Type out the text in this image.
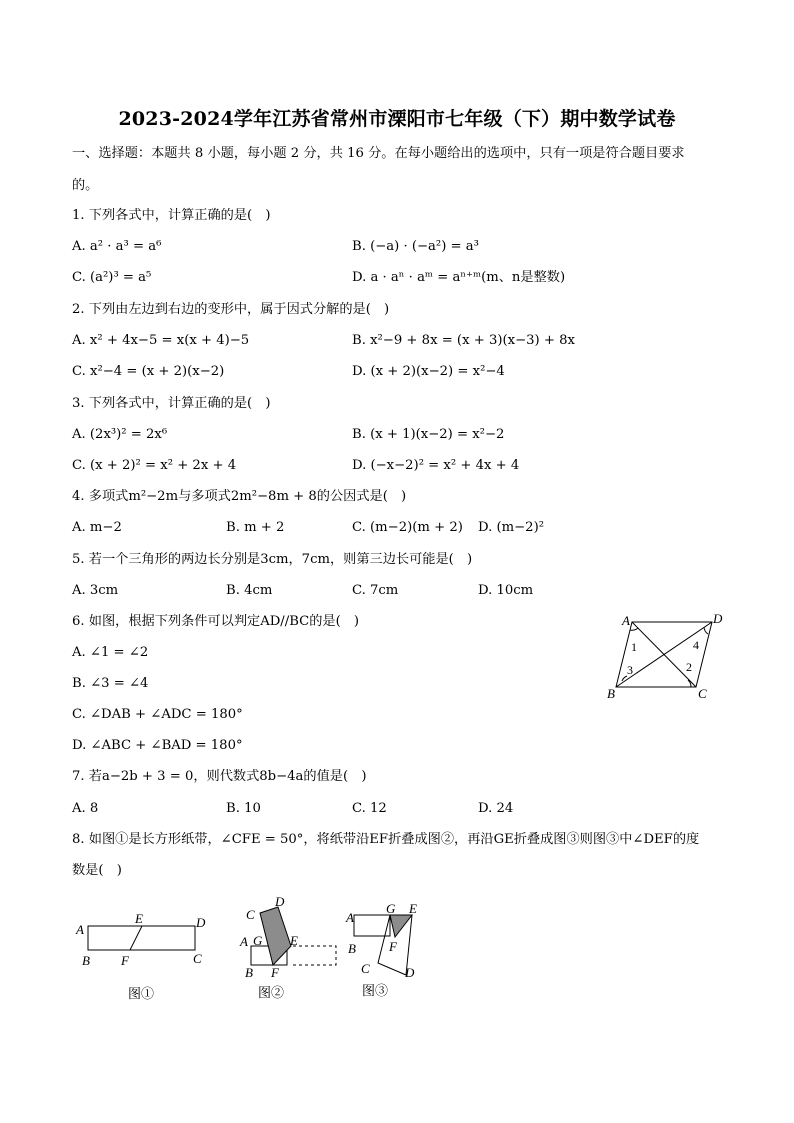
2023-2024学年江苏省常州市溧阳市七年级（下）期中数学试卷
一、选择题：本题共 8 小题，每小题 2 分，共 16 分。在每小题给出的选项中，只有一项是符合题目要求
的。
1. 下列各式中，计算正确的是(　)
A. a² · a³ = a⁶	B. (−a) · (−a²) = a³
C. (a²)³ = a⁵	D. a · aⁿ · aᵐ = aⁿ⁺ᵐ(m、n是整数)
2. 下列由左边到右边的变形中，属于因式分解的是(　)
A. x² + 4x−5 = x(x + 4)−5	B. x²−9 + 8x = (x + 3)(x−3) + 8x
C. x²−4 = (x + 2)(x−2)	D. (x + 2)(x−2) = x²−4
3. 下列各式中，计算正确的是(　)
A. (2x³)² = 2x⁶	B. (x + 1)(x−2) = x²−2
C. (x + 2)² = x² + 2x + 4	D. (−x−2)² = x² + 4x + 4
4. 多项式m²−2m与多项式2m²−8m + 8的公因式是(　)
A. m−2	B. m + 2	C. (m−2)(m + 2) D. (m−2)²
5. 若一个三角形的两边长分别是3cm，7cm，则第三边长可能是(　)
A. 3cm	B. 4cm	C. 7cm	D. 10cm
6. 如图，根据下列条件可以判定AD//BC的是(　)
A. ∠1 = ∠2
B. ∠3 = ∠4
C. ∠DAB + ∠ADC = 180°
D. ∠ABC + ∠BAD = 180°
A	D
B	C
1	4
3	2
7. 若a−2b + 3 = 0，则代数式8b−4a的值是(　)
A. 8	B. 10	C. 12	D. 24
8. 如图①是长方形纸带，∠CFE = 50°，将纸带沿EF折叠成图②，再沿GE折叠成图③则图③中∠DEF的度
数是(　)
A
E	D
B F	C
图①
C
D
A G E
B F
图②
A
G E
B	F
C	D
图③
